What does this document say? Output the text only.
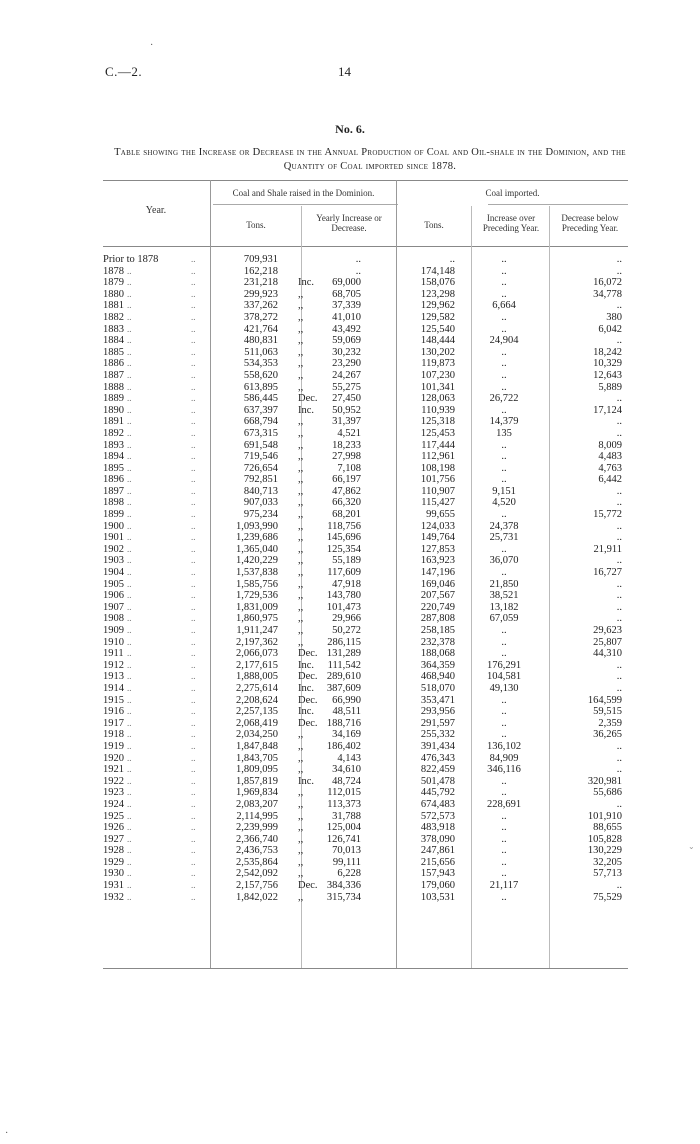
·
C.—2.	14
No. 6.
Table showing the Increase or Decrease in the Annual Production of Coal and Oil-shale in the Dominion, and the Quantity of Coal imported since 1878.
Year.
Coal and Shale raised in the Dominion.	Coal imported.
Tons.
Yearly Increase or Decrease.	Tons.
Increase over Preceding Year.
Decrease below Preceding Year.
Prior to 1878	709,931	..	..	..	..
..
1878	162,218	..	174,148	..	..
..	..
1879	231,218 Inc.	69,000	158,076	..	16,072
..	..
1880	299,923 ,,	68,705	123,298	..	34,778
..	..
1881	337,262 ,,	37,339	129,962	6,664	..
..	..
1882	378,272 ,,	41,010	129,582	..	380
..	..
1883	421,764 ,,	43,492	125,540	..	6,042
..	..
1884	480,831 ,,	59,069	148,444	24,904	..
..	..
1885	511,063 ,,	30,232	130,202	..	18,242
..	..
1886	534,353 ,,	23,290	119,873	..	10,329
..	..
1887	558,620 ,,	24,267	107,230	..	12,643
..	..
1888	613,895 ,,	55,275	101,341	..	5,889
..	..
1889	586,445 Dec.	27,450	128,063	26,722	..
..	..
1890	637,397 Inc.	50,952	110,939	..	17,124
..	..
1891	668,794 ,,	31,397	125,318	14,379	..
..	..
1892	673,315 ,,	4,521	125,453	135	..
..	..
1893	691,548 ,,	18,233	117,444	..	8,009
..	..
1894	719,546 ,,	27,998	112,961	..	4,483
..	..
1895	726,654 ,,	7,108	108,198	..	4,763
..	..
1896	792,851 ,,	66,197	101,756	..	6,442
..	..
1897	840,713 ,,	47,862	110,907	9,151	..
..	..
1898	907,033 ,,	66,320	115,427	4,520	..
..	..
1899	975,234 ,,	68,201	99,655	..	15,772
..	..
1900	1,093,990 ,,	118,756	124,033	24,378	..
..	..
1901	1,239,686 ,,	145,696	149,764	25,731	..
..	..
1902	1,365,040 ,,	125,354	127,853	..	21,911
..	..
1903	1,420,229 ,,	55,189	163,923	36,070	..
..	..
1904	1,537,838 ,,	117,609	147,196	..	16,727
..	..
1905	1,585,756 ,,	47,918	169,046	21,850	..
..	..
1906	1,729,536 ,,	143,780	207,567	38,521	..
..	..
1907	1,831,009 ,,	101,473	220,749	13,182	..
..	..
1908	1,860,975 ,,	29,966	287,808	67,059	..
..	..
1909	1,911,247 ,,	50,272	258,185	..	29,623
..	..
1910	2,197,362 ,,	286,115	232,378	..	25,807
..	..
1911	2,066,073 Dec. 131,289	188,068	..	44,310
..	..
1912	2,177,615 Inc.	111,542	364,359	176,291	..
..	..
1913	1,888,005 Dec. 289,610	468,940	104,581	..
..	..
1914	2,275,614 Inc.	387,609	518,070	49,130	..
..	..
1915	2,208,624 Dec.	66,990	353,471	..	164,599
..	..
1916	2,257,135 Inc.	48,511	293,956	..	59,515
..	..
1917	2,068,419 Dec. 188,716	291,597	..	2,359
..	..
1918	2,034,250 ,,	34,169	255,332	..	36,265
..	..
1919	1,847,848 ,,	186,402	391,434	136,102	..
..	..
1920	1,843,705 ,,	4,143	476,343	84,909	..
..	..
1921	1,809,095 ,,	34,610	822,459	346,116	..
..	..
1922	1,857,819 Inc.	48,724	501,478	..	320,981
..	..
1923	1,969,834 ,,	112,015	445,792	..	55,686
..	..
1924	2,083,207 ,,	113,373	674,483	228,691	..
..	..
1925	2,114,995 ,,	31,788	572,573	..	101,910
..	..
1926	2,239,999 ,,	125,004	483,918	..	88,655
..	..
1927	2,366,740 ,,	126,741	378,090	..	105,828
..	..
1928	2,436,753 ,,	70,013	247,861	..	130,229
..	..
1929	2,535,864 ,,	99,111	215,656	..	32,205
..	..
1930	2,542,092 ,,	6,228	157,943	..	57,713
..	..
1931	2,157,756 Dec. 384,336	179,060	21,117	..
..	..
1932	1,842,022 ,,	315,734	103,531	..	75,529
..	..
⌄
·
